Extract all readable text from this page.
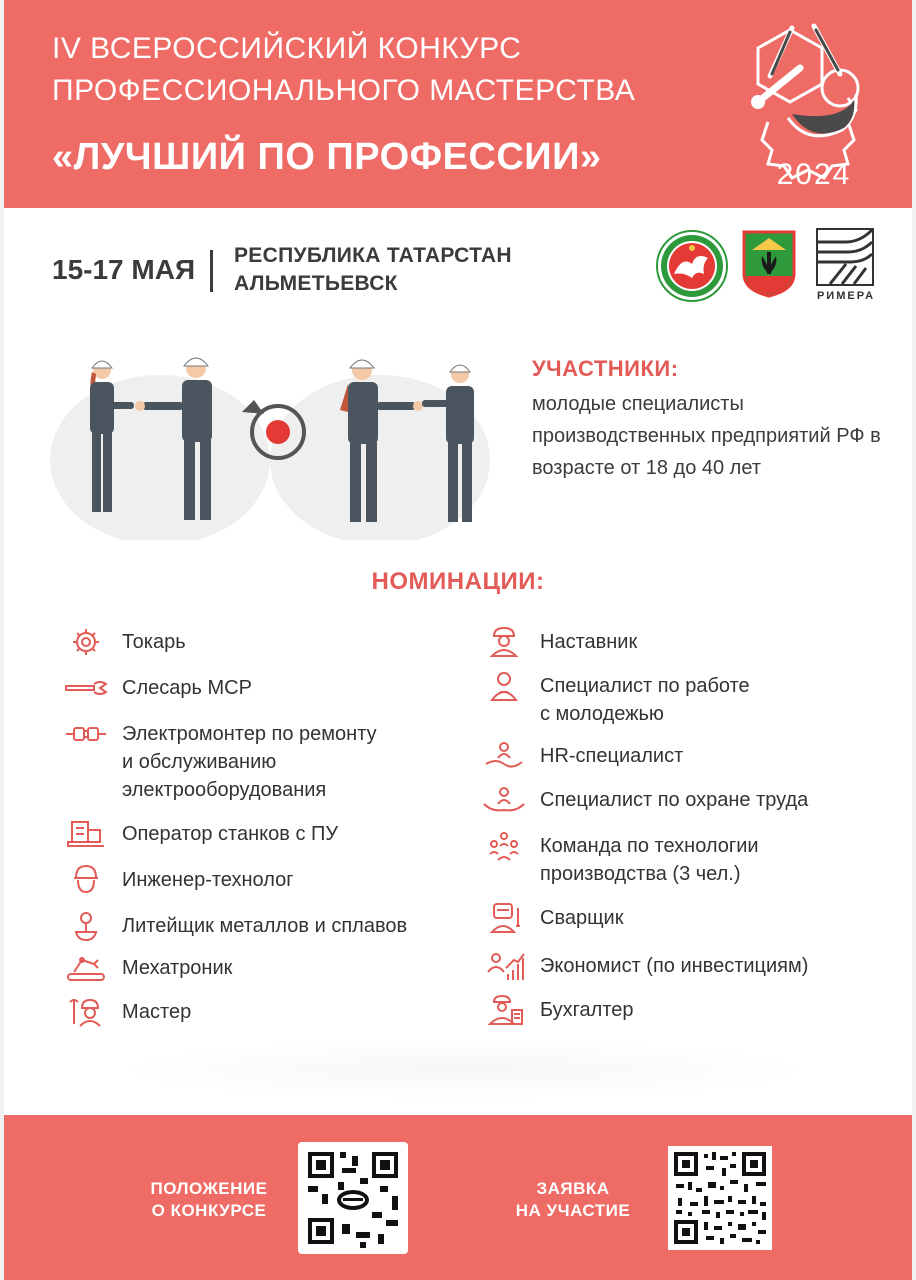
IV ВСЕРОССИЙСКИЙ КОНКУРС
ПРОФЕССИОНАЛЬНОГО МАСТЕРСТВА
«ЛУЧШИЙ ПО ПРОФЕССИИ»	2024
15-17 МАЯ РЕСПУБЛИКА ТАТАРСТАН
АЛЬМЕТЬЕВСК
РИМЕРА
УЧАСТНИКИ:
молодые специалисты производственных предприятий РФ в возрасте от 18 до 40 лет
НОМИНАЦИИ:
Токарь
Слесарь МСР
Электромонтер по ремонту
и обслуживанию
электрооборудования
Оператор станков с ПУ
Инженер-технолог
Литейщик металлов и сплавов
Мехатроник
Мастер
Наставник
Специалист по работе
с молодежью
HR-специалист
Специалист по охране труда
Команда по технологии
производства (3 чел.)
Сварщик
Экономист (по инвестициям)
Бухгалтер
ПОЛОЖЕНИЕ
О КОНКУРСЕ
ЗАЯВКА
НА УЧАСТИЕ
